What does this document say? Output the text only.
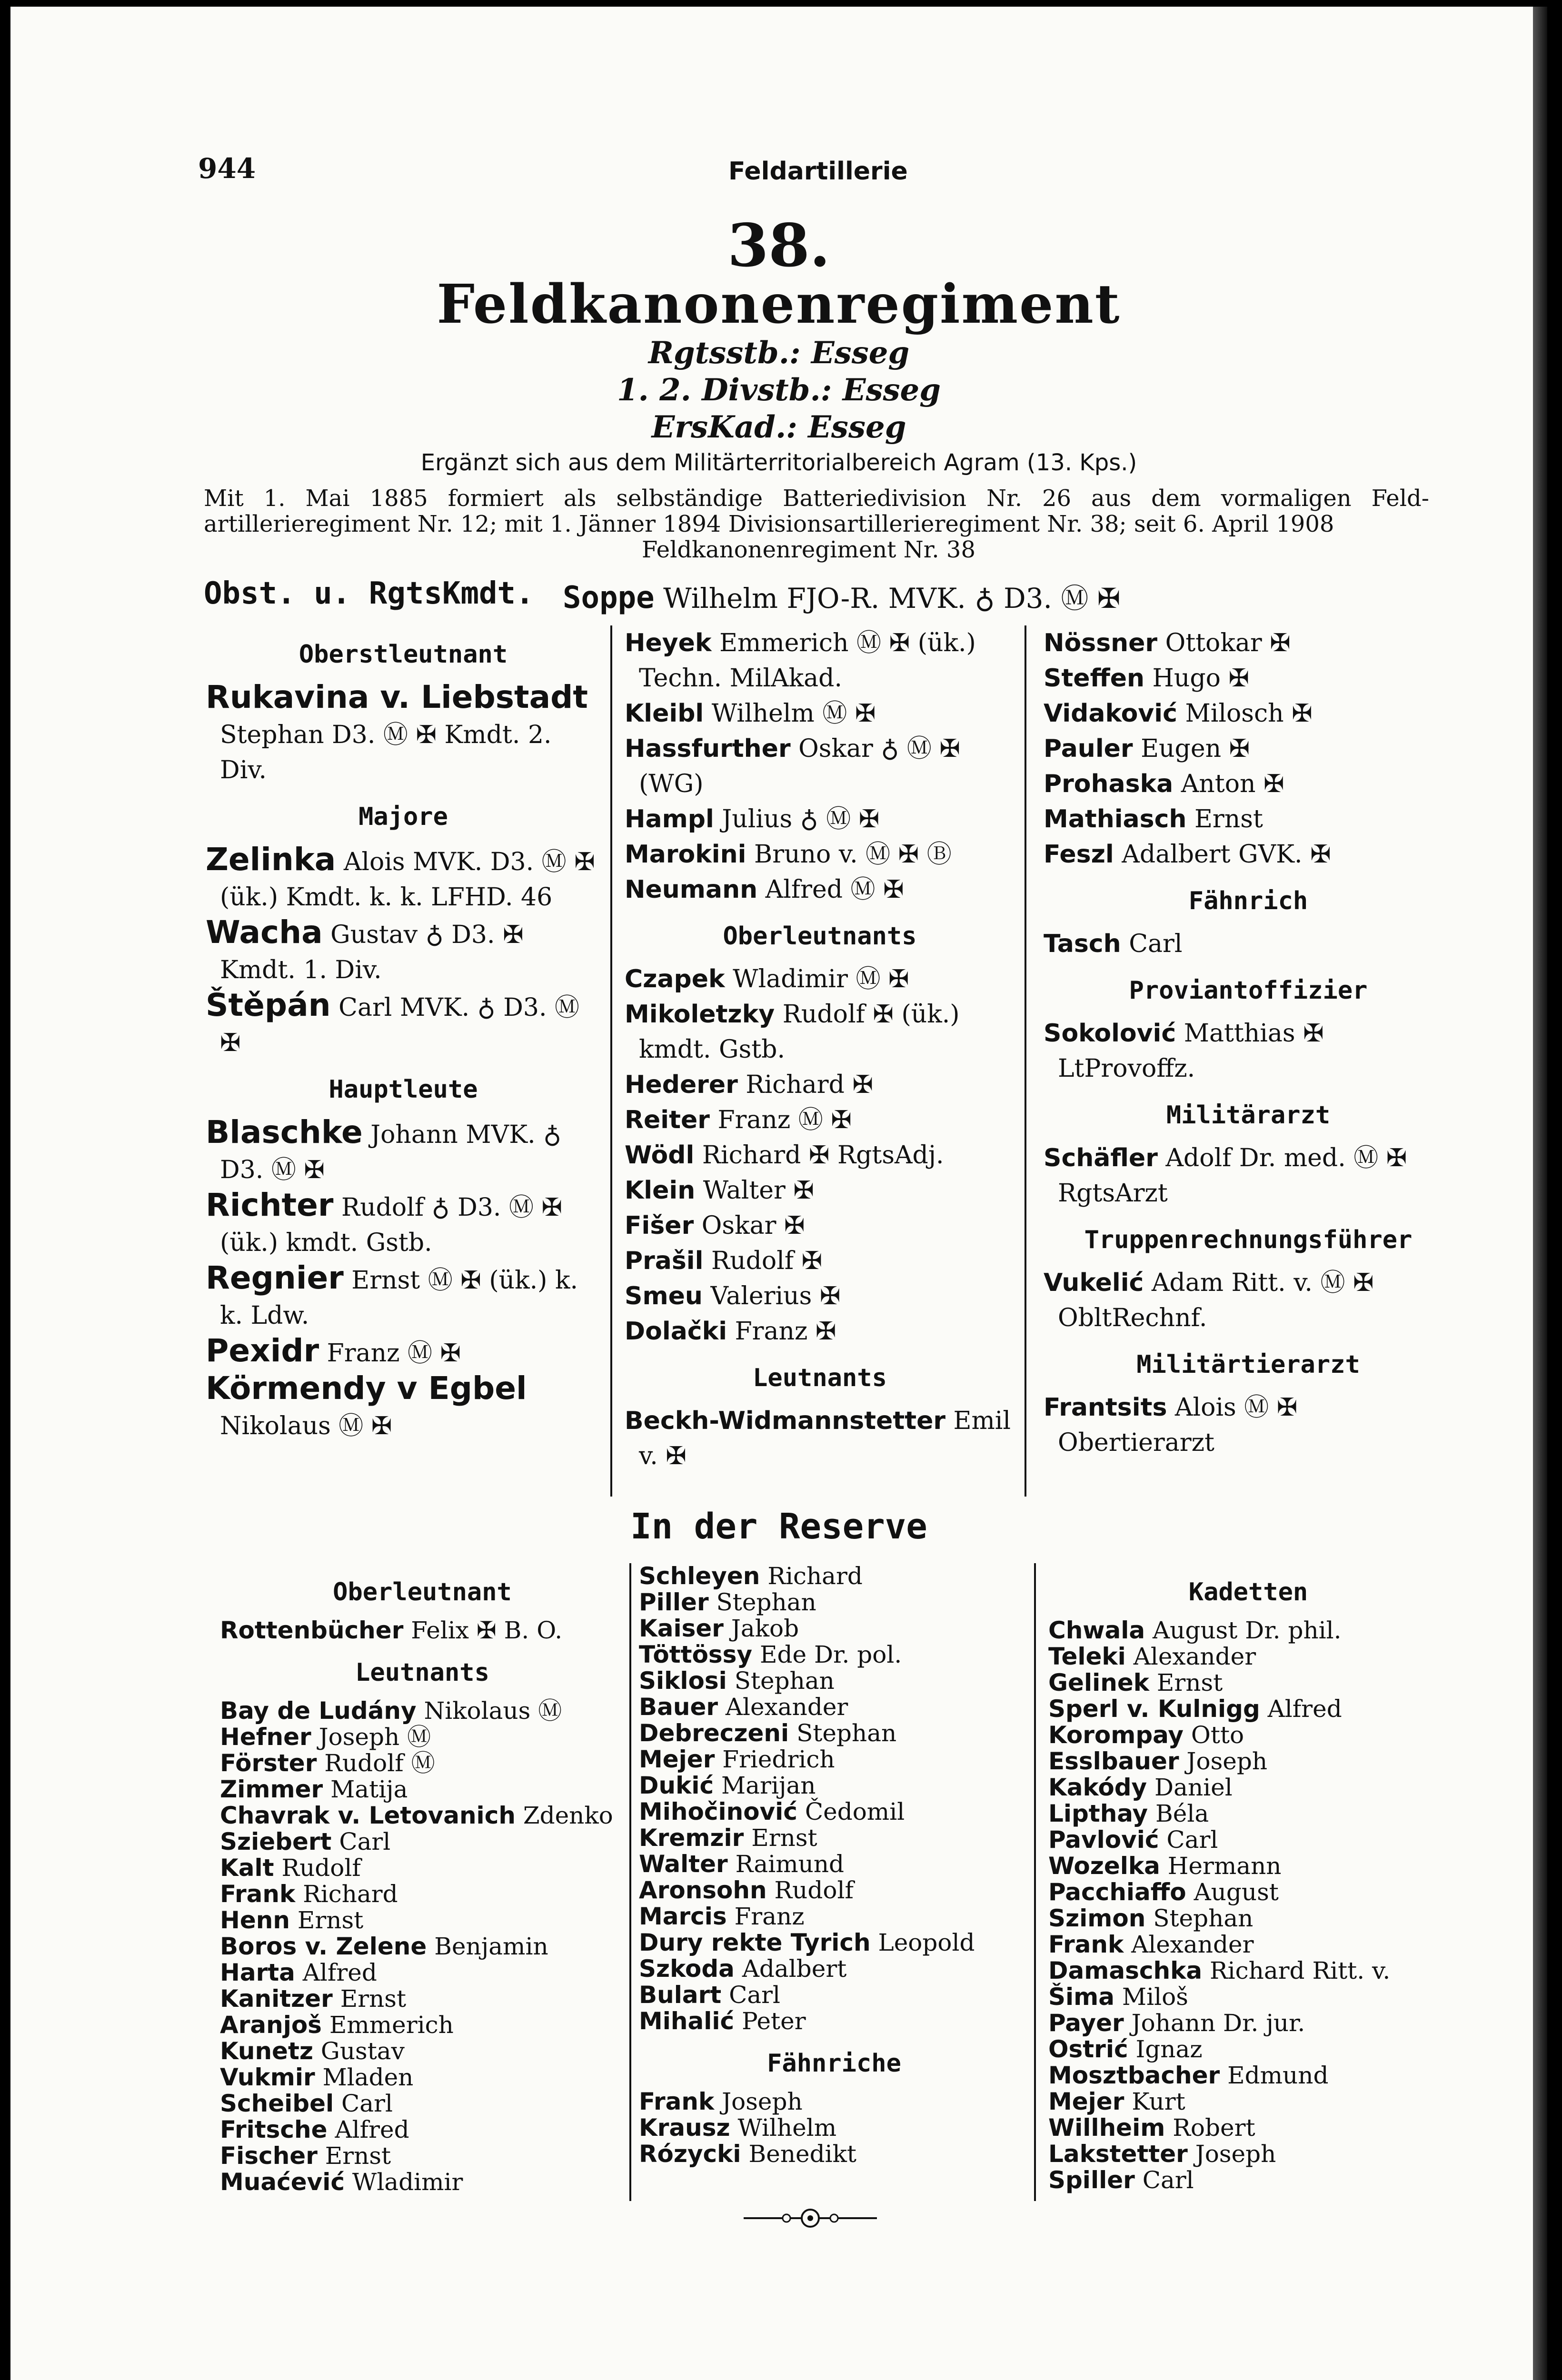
944	Feldartillerie
38.
Feldkanonenregiment
Rgtsstb.: Esseg
1. 2. Divstb.: Esseg
ErsKad.: Esseg
Ergänzt sich aus dem Militärterritorialbereich Agram (13. Kps.)
Mit 1. Mai 1885 formiert als selbständige Batteriedivision Nr. 26 aus dem vormaligen Feld- artillerieregiment Nr. 12; mit 1. Jänner 1894 Divisionsartillerieregiment Nr. 38; seit 6. April 1908
Feldkanonenregiment Nr. 38
Obst. u. RgtsKmdt. Soppe Wilhelm FJO-R. MVK. ♁ D3. Ⓜ ✠
Oberstleutnant
Rukavina v. Liebstadt Stephan D3. Ⓜ ✠ Kmdt. 2. Div.
Majore
Zelinka Alois MVK. D3. Ⓜ ✠ (ük.) Kmdt. k. k. LFHD. 46
Wacha Gustav ♁ D3. ✠ Kmdt. 1. Div.
Štěpán Carl MVK. ♁ D3. Ⓜ ✠
Hauptleute
Blaschke Johann MVK. ♁ D3. Ⓜ ✠
Richter Rudolf ♁ D3. Ⓜ ✠ (ük.) kmdt. Gstb.
Regnier Ernst Ⓜ ✠ (ük.) k. k. Ldw.
Pexidr Franz Ⓜ ✠
Körmendy v Egbel Nikolaus Ⓜ ✠
Heyek Emmerich Ⓜ ✠ (ük.) Techn. MilAkad.
Kleibl Wilhelm Ⓜ ✠
Hassfurther Oskar ♁ Ⓜ ✠ (WG)
Hampl Julius ♁ Ⓜ ✠
Marokini Bruno v. Ⓜ ✠ Ⓑ
Neumann Alfred Ⓜ ✠
Oberleutnants
Czapek Wladimir Ⓜ ✠
Mikoletzky Rudolf ✠ (ük.) kmdt. Gstb.
Hederer Richard ✠
Reiter Franz Ⓜ ✠
Wödl Richard ✠ RgtsAdj.
Klein Walter ✠
Fišer Oskar ✠
Prašil Rudolf ✠
Smeu Valerius ✠
Dolački Franz ✠
Leutnants
Beckh-Widmannstetter Emil v. ✠
Nössner Ottokar ✠
Steffen Hugo ✠
Vidaković Milosch ✠
Pauler Eugen ✠
Prohaska Anton ✠
Mathiasch Ernst
Feszl Adalbert GVK. ✠
Fähnrich
Tasch Carl
Proviantoffizier
Sokolović Matthias ✠ LtProvoffz.
Militärarzt
Schäfler Adolf Dr. med. Ⓜ ✠ RgtsArzt
Truppenrechnungsführer
Vukelić Adam Ritt. v. Ⓜ ✠ ObltRechnf.
Militärtierarzt
Frantsits Alois Ⓜ ✠ Obertierarzt
In der Reserve
Oberleutnant
Rottenbücher Felix ✠ B. O.
Leutnants
Bay de Ludány Nikolaus Ⓜ
Hefner Joseph Ⓜ
Förster Rudolf Ⓜ
Zimmer Matija
Chavrak v. Letovanich Zdenko
Sziebert Carl
Kalt Rudolf
Frank Richard
Henn Ernst
Boros v. Zelene Benjamin
Harta Alfred
Kanitzer Ernst
Aranjoš Emmerich
Kunetz Gustav
Vukmir Mladen
Scheibel Carl
Fritsche Alfred
Fischer Ernst
Muaćević Wladimir
Schleyen Richard
Piller Stephan
Kaiser Jakob
Töttössy Ede Dr. pol.
Siklosi Stephan
Bauer Alexander
Debreczeni Stephan
Mejer Friedrich
Dukić Marijan
Mihočinović Čedomil
Kremzir Ernst
Walter Raimund
Aronsohn Rudolf
Marcis Franz
Dury rekte Tyrich Leopold
Szkoda Adalbert
Bulart Carl
Mihalić Peter
Fähnriche
Frank Joseph
Krausz Wilhelm
Rózycki Benedikt
Kadetten
Chwala August Dr. phil.
Teleki Alexander
Gelinek Ernst
Sperl v. Kulnigg Alfred
Korompay Otto
Esslbauer Joseph
Kakódy Daniel
Lipthay Béla
Pavlović Carl
Wozelka Hermann
Pacchiaffo August
Szimon Stephan
Frank Alexander
Damaschka Richard Ritt. v.
Šima Miloš
Payer Johann Dr. jur.
Ostrić Ignaz
Mosztbacher Edmund
Mejer Kurt
Willheim Robert
Lakstetter Joseph
Spiller Carl
